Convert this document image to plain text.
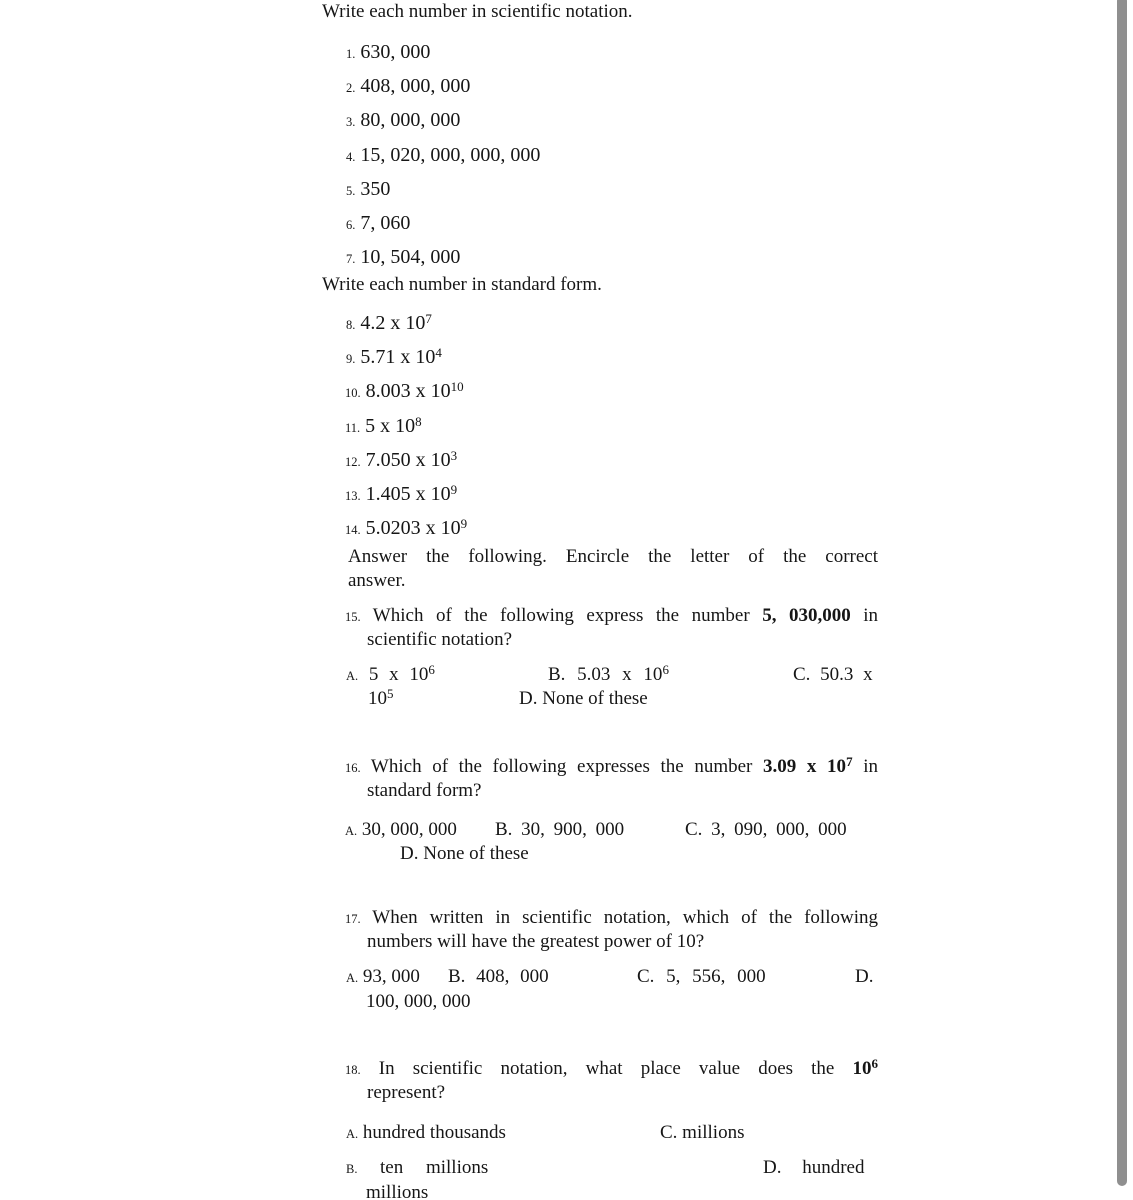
Write each number in scientific notation.
1. 630, 000
2. 408, 000, 000
3. 80, 000, 000
4. 15, 020, 000, 000, 000
5. 350
6. 7, 060
7. 10, 504, 000
Write each number in standard form.
8. 4.2 x $10^7$
9. 5.71 x $10^4$
10. 8.003 x $10^{10}$
11. 5 x $10^8$
12. 7.050 x $10^3$
13. 1.405 x $10^9$
14. 5.0203 x $10^9$
Answer the following. Encircle the letter of the correct
answer.
15. Which of the following express the number 5, 030,000 in
scientific notation?
A. 5 x $10^6$	B. 5.03 x $10^6$	C. 50.3 x
$10^5$	D. None of these
16. Which of the following expresses the number 3.09 x $10^7$ in
standard form?
A. 30, 000, 000 B. 30, 900, 000	C. 3, 090, 000, 000
D. None of these
17. When written in scientific notation, which of the following
numbers will have the greatest power of 10?
A. 93, 000 B. 408, 000	C. 5, 556, 000	D.
100, 000, 000
18. In scientific notation, what place value does the $10^6$
represent?
A. hundred thousands	C. millions
B. ten millions	D. hundred
millions
